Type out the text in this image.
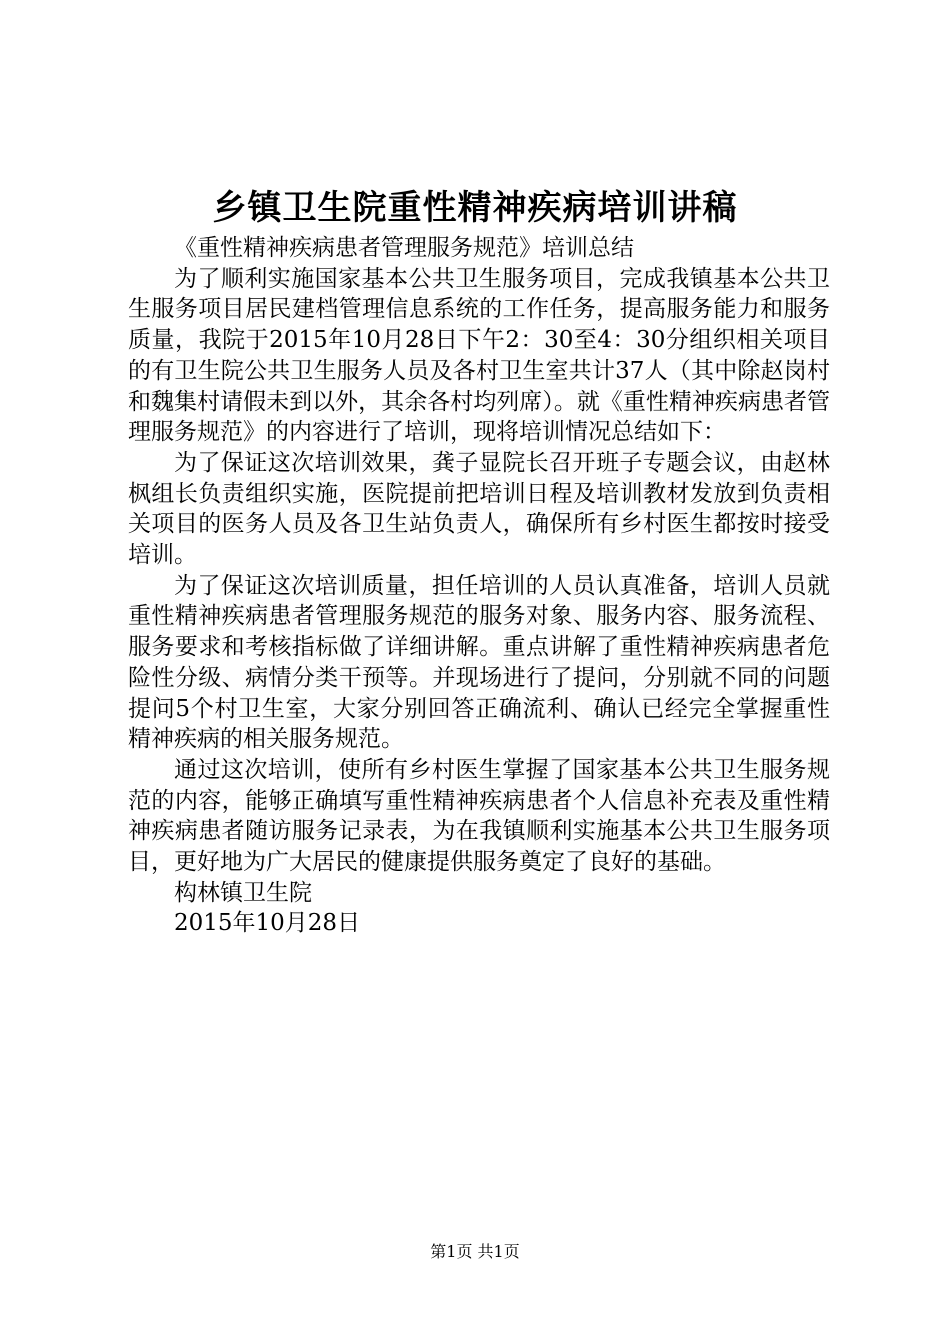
乡镇卫生院重性精神疾病培训讲稿

《重性精神疾病患者管理服务规范》培训总结

为了顺利实施国家基本公共卫生服务项目，完成我镇基本公共卫生服务项目居民建档管理信息系统的工作任务，提高服务能力和服务质量，我院于2015年10月28日下午2：30至4：30分组织相关项目的有卫生院公共卫生服务人员及各村卫生室共计37人（其中除赵岗村和魏集村请假未到以外，其余各村均列席）。就《重性精神疾病患者管理服务规范》的内容进行了培训，现将培训情况总结如下：

为了保证这次培训效果，龚子显院长召开班子专题会议，由赵林枫组长负责组织实施，医院提前把培训日程及培训教材发放到负责相关项目的医务人员及各卫生站负责人，确保所有乡村医生都按时接受培训。

为了保证这次培训质量，担任培训的人员认真准备，培训人员就重性精神疾病患者管理服务规范的服务对象、服务内容、服务流程、服务要求和考核指标做了详细讲解。重点讲解了重性精神疾病患者危险性分级、病情分类干预等。并现场进行了提问，分别就不同的问题提问5个村卫生室，大家分别回答正确流利、确认已经完全掌握重性精神疾病的相关服务规范。

通过这次培训，使所有乡村医生掌握了国家基本公共卫生服务规范的内容，能够正确填写重性精神疾病患者个人信息补充表及重性精神疾病患者随访服务记录表，为在我镇顺利实施基本公共卫生服务项目，更好地为广大居民的健康提供服务奠定了良好的基础。

构林镇卫生院

2015年10月28日

第1页 共1页
